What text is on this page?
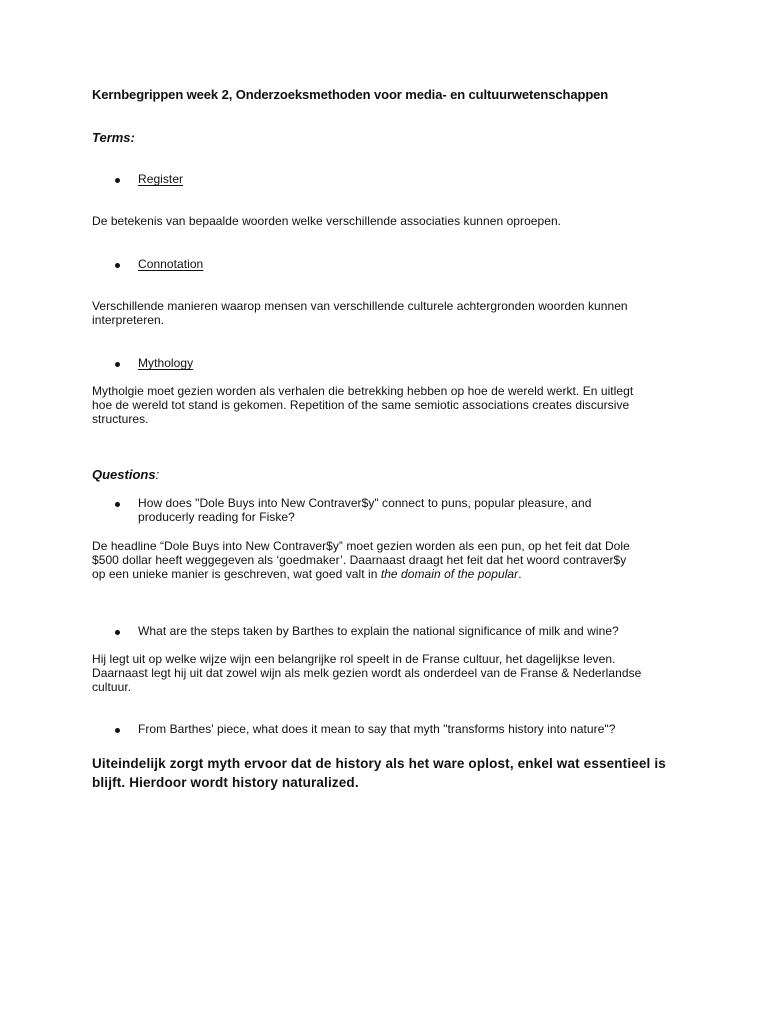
Kernbegrippen week 2, Onderzoeksmethoden voor media- en cultuurwetenschappen
Terms:
Register
De betekenis van bepaalde woorden welke verschillende associaties kunnen oproepen.
Connotation
Verschillende manieren waarop mensen van verschillende culturele achtergronden woorden kunnen
interpreteren.
Mythology
Mytholgie moet gezien worden als verhalen die betrekking hebben op hoe de wereld werkt. En uitlegt
hoe de wereld tot stand is gekomen. Repetition of the same semiotic associations creates discursive
structures.
Questions:
How does "Dole Buys into New Contraver$y" connect to puns, popular pleasure, and
producerly reading for Fiske?
De headline “Dole Buys into New Contraver$y” moet gezien worden als een pun, op het feit dat Dole
$500 dollar heeft weggegeven als ‘goedmaker’. Daarnaast draagt het feit dat het woord contraver$y
op een unieke manier is geschreven, wat goed valt in the domain of the popular.
What are the steps taken by Barthes to explain the national significance of milk and wine?
Hij legt uit op welke wijze wijn een belangrijke rol speelt in de Franse cultuur, het dagelijkse leven.
Daarnaast legt hij uit dat zowel wijn als melk gezien wordt als onderdeel van de Franse & Nederlandse
cultuur.
From Barthes' piece, what does it mean to say that myth "transforms history into nature"?
Uiteindelijk zorgt myth ervoor dat de history als het ware oplost, enkel wat essentieel is
blijft. Hierdoor wordt history naturalized.
